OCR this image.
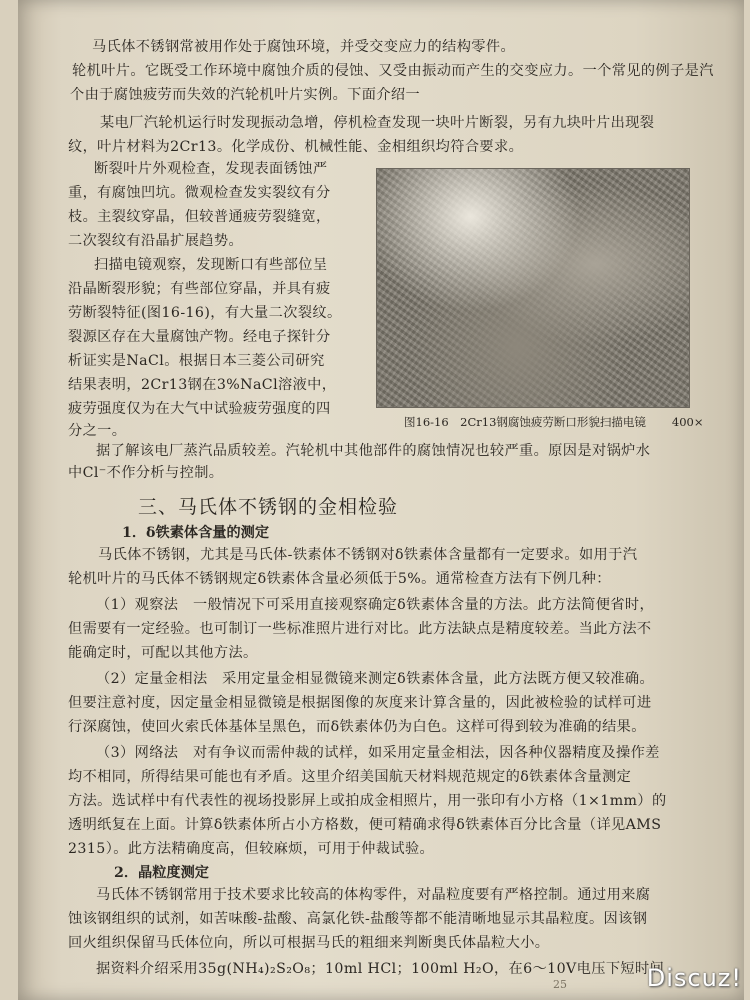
马氏体不锈钢常被用作处于腐蚀环境，并受交变应力的结构零件。
轮机叶片。它既受工作环境中腐蚀介质的侵蚀、又受由振动而产生的交变应力。一个常见的例子是汽
个由于腐蚀疲劳而失效的汽轮机叶片实例。下面介绍一
某电厂汽轮机运行时发现振动急增，停机检查发现一块叶片断裂，另有九块叶片出现裂
纹，叶片材料为2Cr13。化学成份、机械性能、金相组织均符合要求。
断裂叶片外观检查，发现表面锈蚀严
重，有腐蚀凹坑。微观检查发实裂纹有分
枝。主裂纹穿晶，但较普通疲劳裂缝宽，
二次裂纹有沿晶扩展趋势。
扫描电镜观察，发现断口有些部位呈
沿晶断裂形貌；有些部位穿晶，并具有疲
劳断裂特征(图16-16)，有大量二次裂纹。
裂源区存在大量腐蚀产物。经电子探针分
析证实是NaCl。根据日本三菱公司研究
结果表明，2Cr13钢在3%NaCl溶液中，
疲劳强度仅为在大气中试验疲劳强度的四
分之一。
图16-16　2Cr13钢腐蚀疲劳断口形貌扫描电镜 400×
据了解该电厂蒸汽品质较差。汽轮机中其他部件的腐蚀情况也较严重。原因是对锅炉水
中Cl⁻不作分析与控制。
三、马氏体不锈钢的金相检验
1．δ铁素体含量的测定
马氏体不锈钢，尤其是马氏体-铁素体不锈钢对δ铁素体含量都有一定要求。如用于汽
轮机叶片的马氏体不锈钢规定δ铁素体含量必须低于5%。通常检查方法有下例几种：
（1）观察法　一般情况下可采用直接观察确定δ铁素体含量的方法。此方法简便省时，
但需要有一定经验。也可制订一些标准照片进行对比。此方法缺点是精度较差。当此方法不
能确定时，可配以其他方法。
（2）定量金相法　采用定量金相显微镜来测定δ铁素体含量，此方法既方便又较准确。
但要注意衬度，因定量金相显微镜是根据图像的灰度来计算含量的，因此被检验的试样可进
行深腐蚀，使回火索氏体基体呈黑色，而δ铁素体仍为白色。这样可得到较为准确的结果。
（3）网络法　对有争议而需仲裁的试样，如采用定量金相法，因各种仪器精度及操作差
均不相同，所得结果可能也有矛盾。这里介绍美国航天材料规范规定的δ铁素体含量测定
方法。选试样中有代表性的视场投影屏上或拍成金相照片，用一张印有小方格（1×1mm）的
透明纸复在上面。计算δ铁素体所占小方格数，便可精确求得δ铁素体百分比含量（详见AMS
2315）。此方法精确度高，但较麻烦，可用于仲裁试验。
2．晶粒度测定
马氏体不锈钢常用于技术要求比较高的体构零件，对晶粒度要有严格控制。通过用来腐
蚀该钢组织的试剂，如苦味酸-盐酸、高氯化铁-盐酸等都不能清晰地显示其晶粒度。因该钢
回火组织保留马氏体位向，所以可根据马氏的粗细来判断奥氏体晶粒大小。
据资料介绍采用35g(NH₄)₂S₂O₈；10ml HCl；100ml H₂O，在6～10V电压下短时间
25	Discuz!
